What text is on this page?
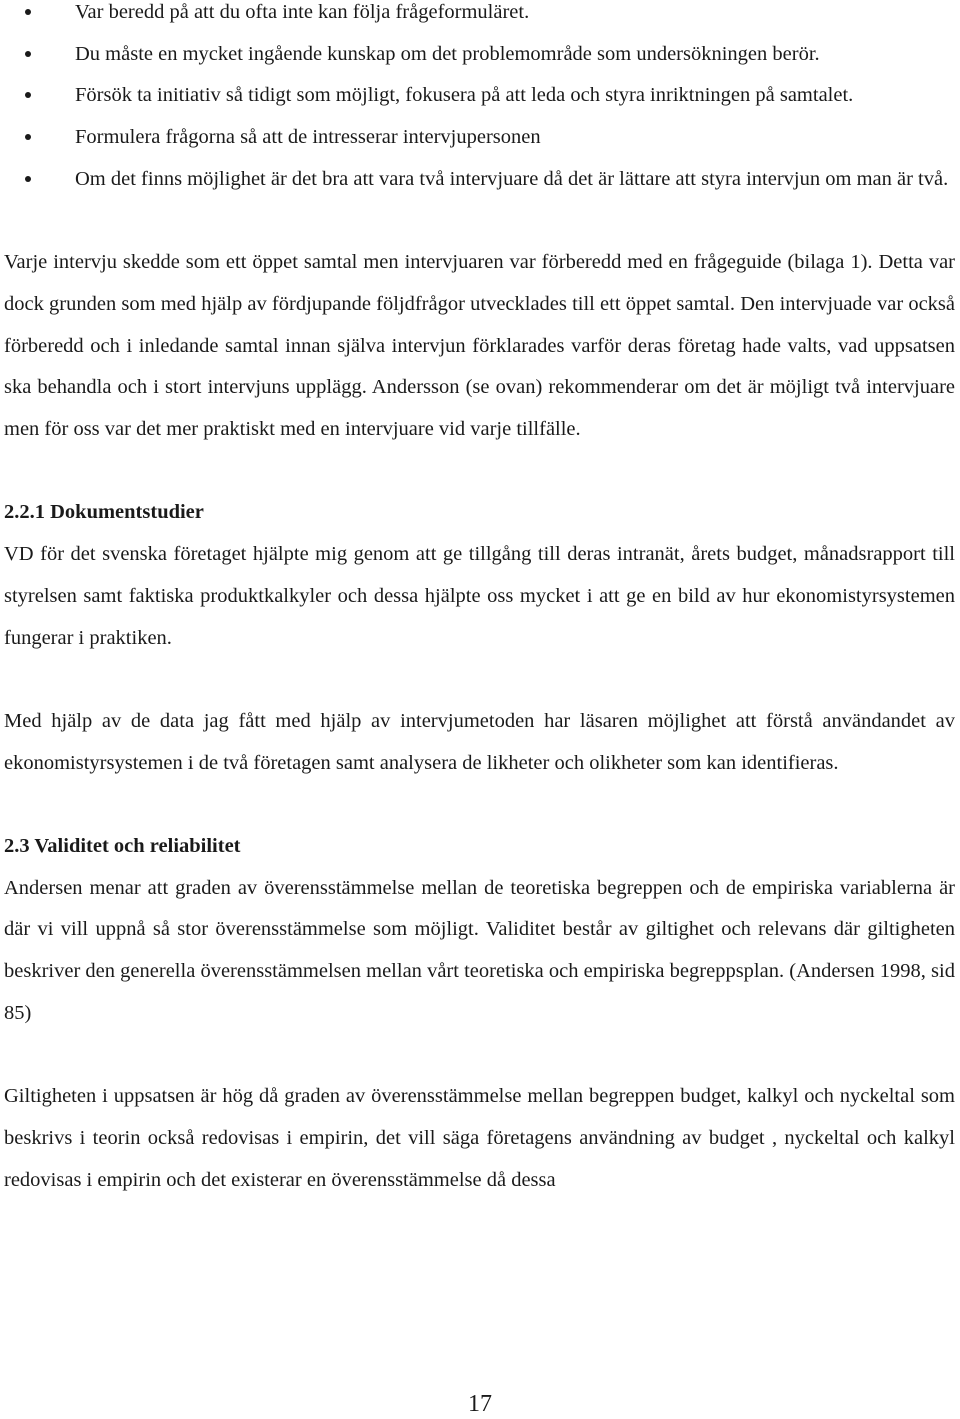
Var beredd på att du ofta inte kan följa frågeformuläret.
Du måste en mycket ingående kunskap om det problemområde som undersökningen berör.
Försök ta initiativ så tidigt som möjligt, fokusera på att leda och styra inriktningen på samtalet.
Formulera frågorna så att de intresserar intervjupersonen
Om det finns möjlighet är det bra att vara två intervjuare då det är lättare att styra intervjun om man är två.

Varje intervju skedde som ett öppet samtal men intervjuaren var förberedd med en frågeguide (bilaga 1). Detta var dock grunden som med hjälp av fördjupande följdfrågor utvecklades till ett öppet samtal. Den intervjuade var också förberedd och i inledande samtal innan själva intervjun förklarades varför deras företag hade valts, vad uppsatsen ska behandla och i stort intervjuns upplägg. Andersson (se ovan) rekommenderar om det är möjligt två intervjuare men för oss var det mer praktiskt med en intervjuare vid varje tillfälle.

2.2.1 Dokumentstudier

VD för det svenska företaget hjälpte mig genom att ge tillgång till deras intranät, årets budget, månadsrapport till styrelsen samt faktiska produktkalkyler och dessa hjälpte oss mycket i att ge en bild av hur ekonomistyrsystemen fungerar i praktiken.

Med hjälp av de data jag fått med hjälp av intervjumetoden har läsaren möjlighet att förstå användandet av ekonomistyrsystemen i de två företagen samt analysera de likheter och olikheter som kan identifieras.

2.3 Validitet och reliabilitet

Andersen menar att graden av överensstämmelse mellan de teoretiska begreppen och de empiriska variablerna är där vi vill uppnå så stor överensstämmelse som möjligt. Validitet består av giltighet och relevans där giltigheten beskriver den generella överensstämmelsen mellan vårt teoretiska och empiriska begreppsplan. (Andersen 1998, sid 85)

Giltigheten i uppsatsen är hög då graden av överensstämmelse mellan begreppen budget, kalkyl och nyckeltal som beskrivs i teorin också redovisas i empirin, det vill säga företagens användning av budget , nyckeltal och kalkyl redovisas i empirin och det existerar en överensstämmelse då dessa

17
